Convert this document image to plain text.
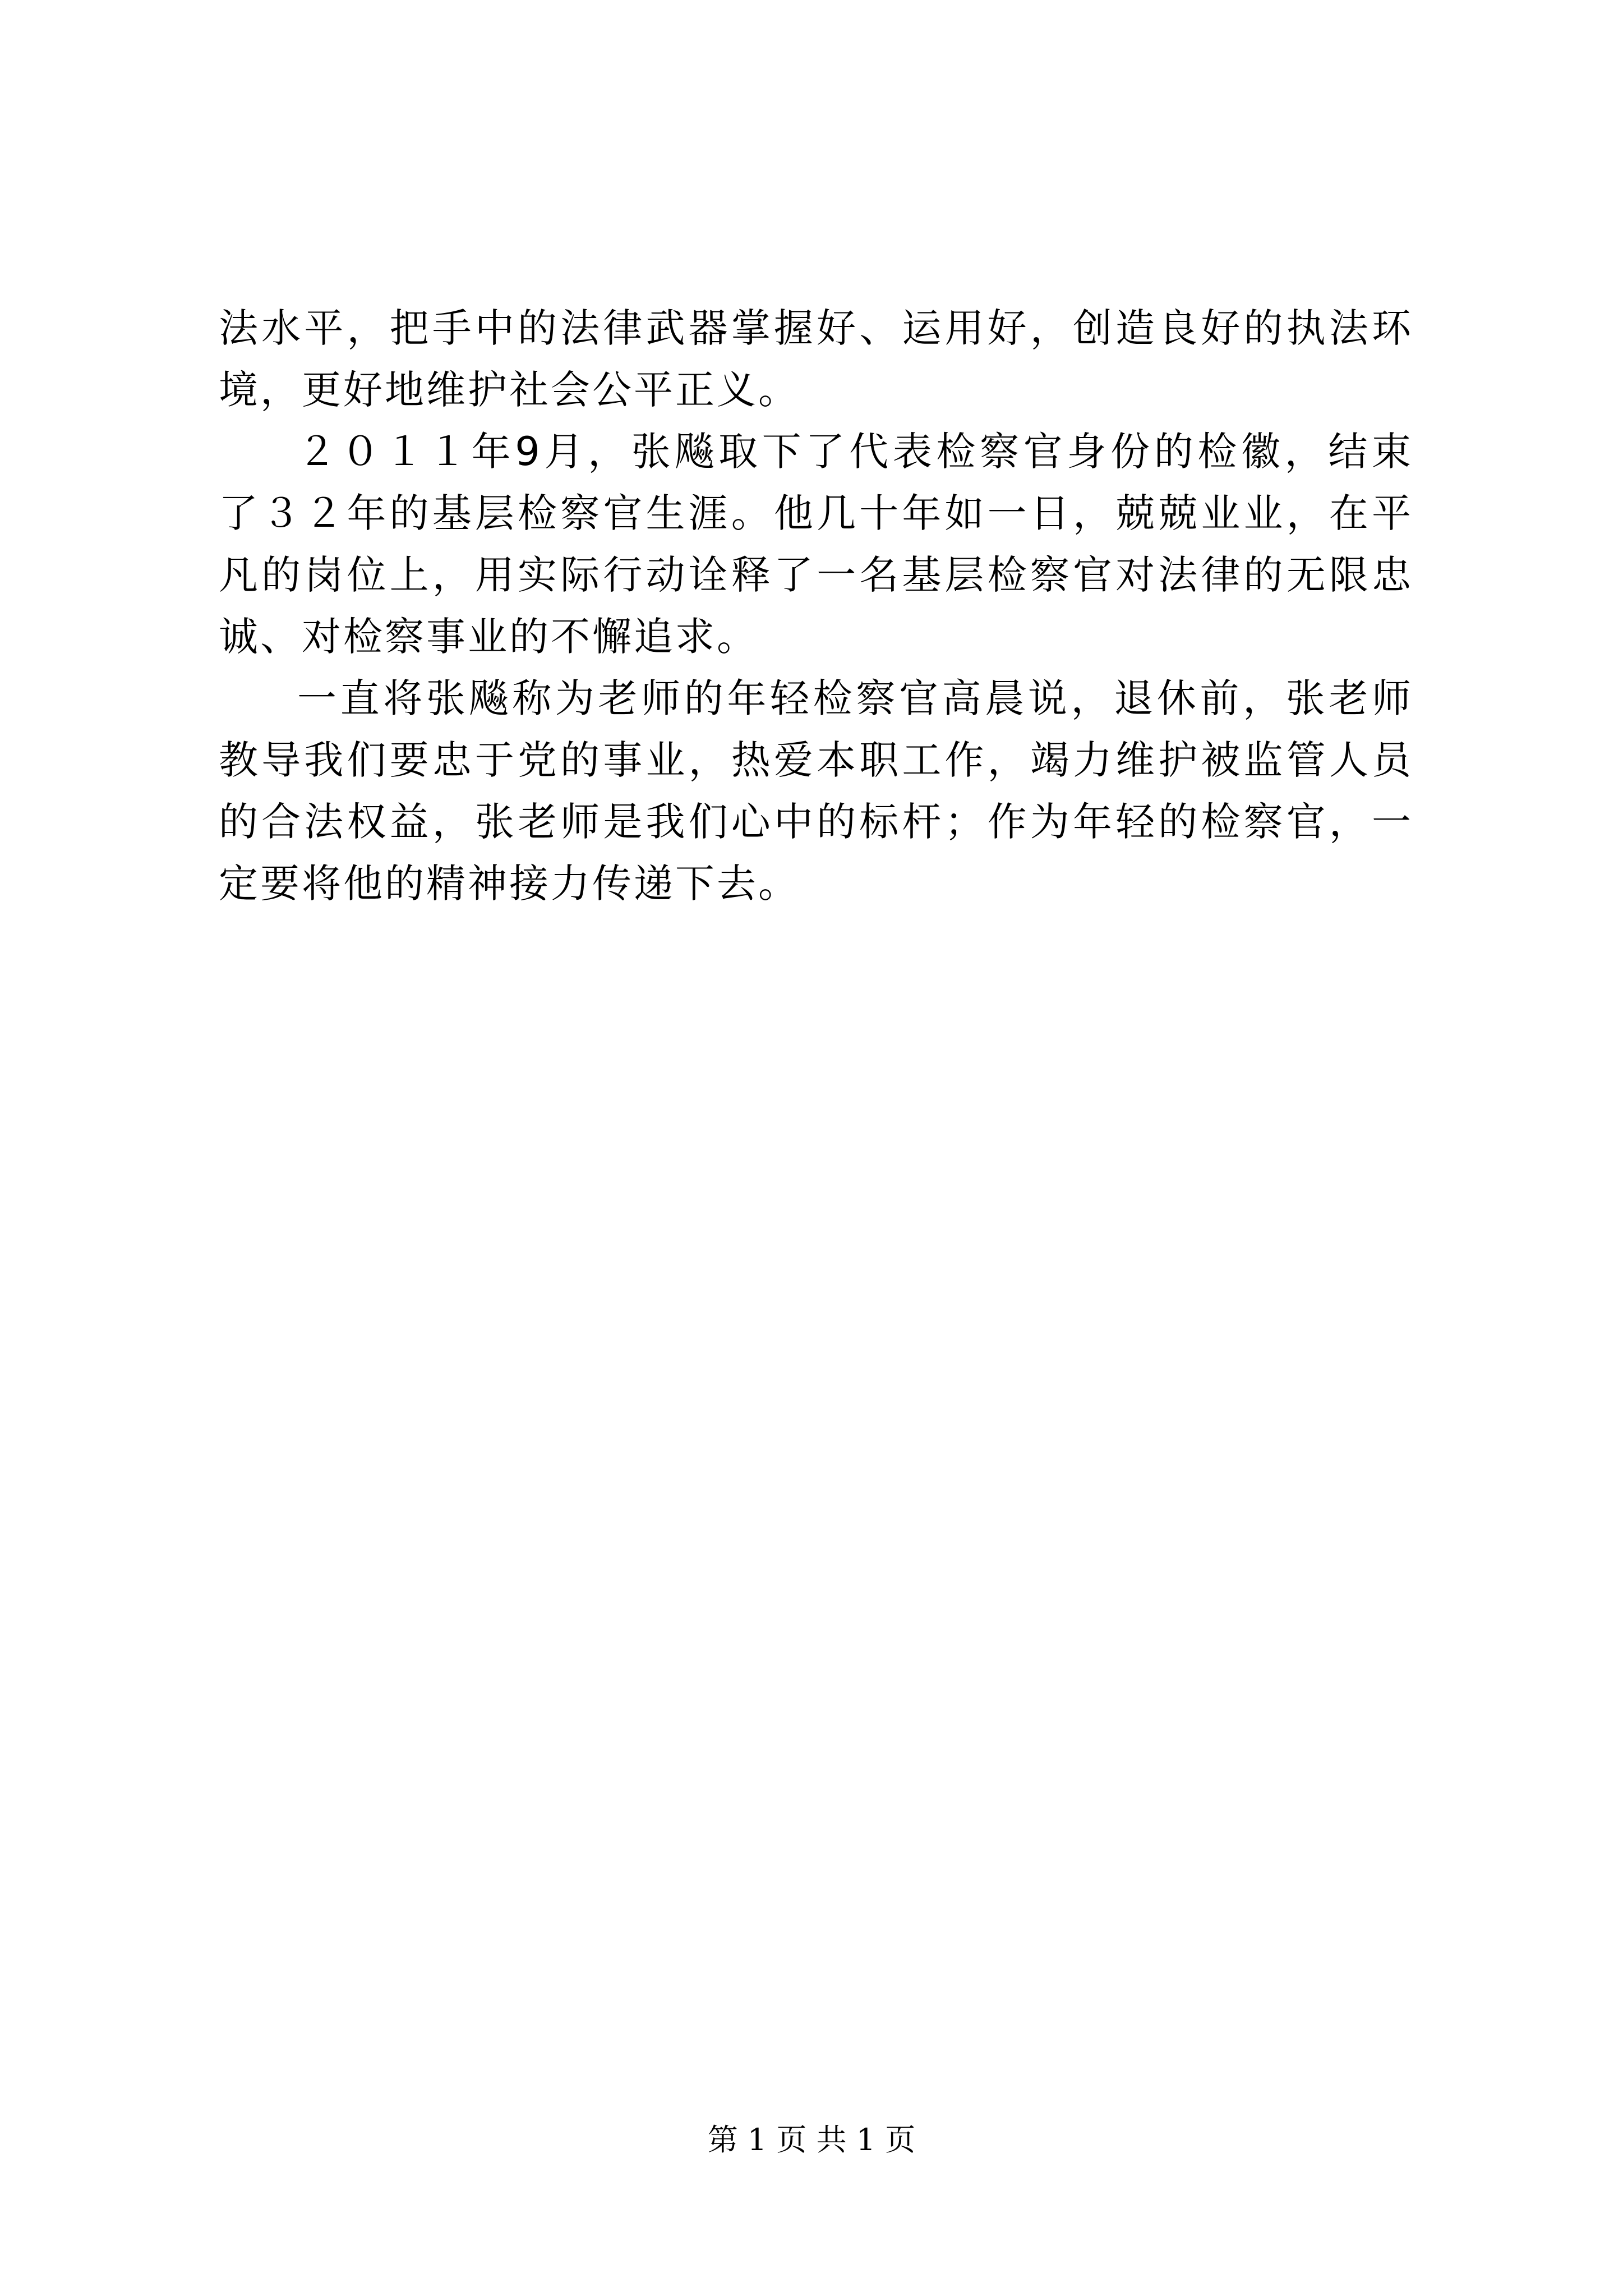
法水平，把手中的法律武器掌握好、运用好，创造良好的执法环
境，更好地维护社会公平正义。

２０１１年9月，张飚取下了代表检察官身份的检徽，结束
了３２年的基层检察官生涯。他几十年如一日，兢兢业业，在平
凡的岗位上，用实际行动诠释了一名基层检察官对法律的无限忠
诚、对检察事业的不懈追求。

一直将张飚称为老师的年轻检察官高晨说，退休前，张老师
教导我们要忠于党的事业，热爱本职工作，竭力维护被监管人员
的合法权益，张老师是我们心中的标杆；作为年轻的检察官，一
定要将他的精神接力传递下去。

第 1 页 共 1 页
